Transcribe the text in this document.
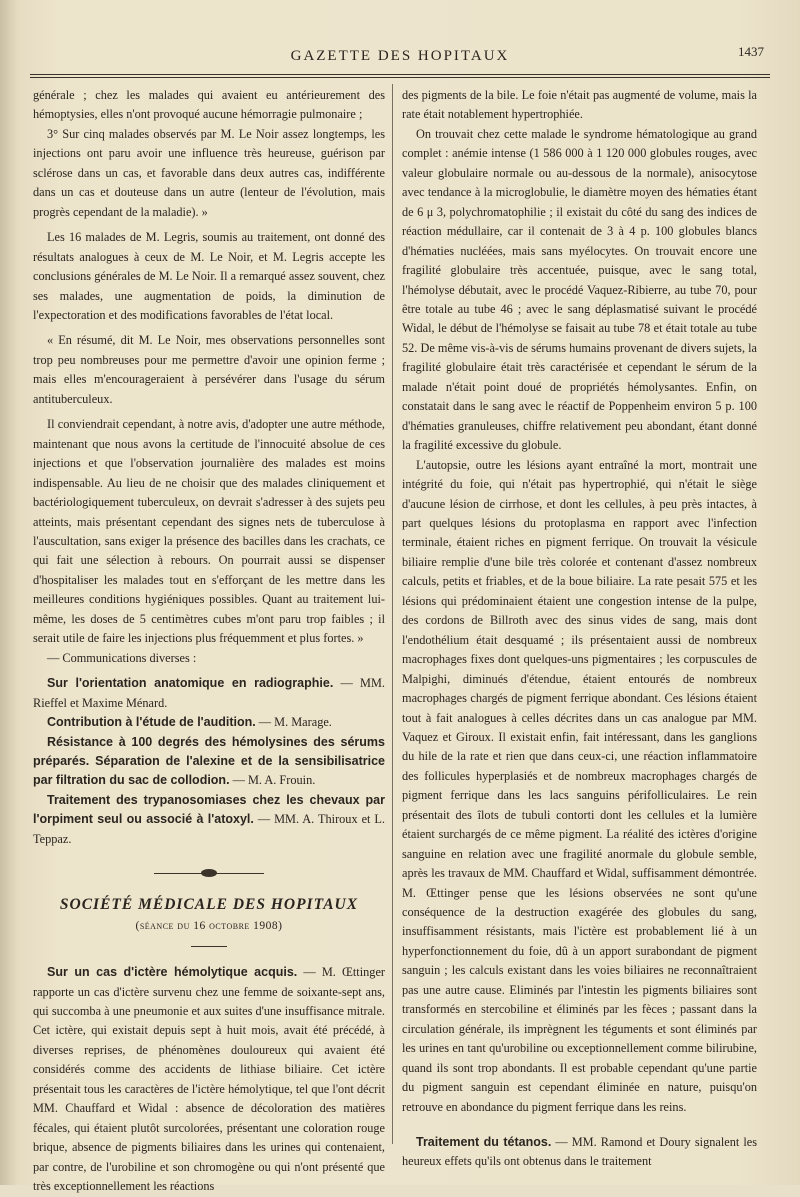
GAZETTE DES HOPITAUX	1437

générale ; chez les malades qui avaient eu antérieurement des hémoptysies, elles n'ont provoqué aucune hémorragie pulmonaire ;

3° Sur cinq malades observés par M. Le Noir assez longtemps, les injections ont paru avoir une influence très heureuse, guérison par sclérose dans un cas, et favorable dans deux autres cas, indifférente dans un cas et douteuse dans un autre (lenteur de l'évolution, mais progrès cependant de la maladie). »

Les 16 malades de M. Legris, soumis au traitement, ont donné des résultats analogues à ceux de M. Le Noir, et M. Legris accepte les conclusions générales de M. Le Noir. Il a remarqué assez souvent, chez ses malades, une augmentation de poids, la diminution de l'expectoration et des modifications favorables de l'état local.

« En résumé, dit M. Le Noir, mes observations personnelles sont trop peu nombreuses pour me permettre d'avoir une opinion ferme ; mais elles m'encourageraient à persévérer dans l'usage du sérum antituberculeux.

Il conviendrait cependant, à notre avis, d'adopter une autre méthode, maintenant que nous avons la certitude de l'innocuité absolue de ces injections et que l'observation journalière des malades est moins indispensable. Au lieu de ne choisir que des malades cliniquement et bactériologiquement tuberculeux, on devrait s'adresser à des sujets peu atteints, mais présentant cependant des signes nets de tuberculose à l'auscultation, sans exiger la présence des bacilles dans les crachats, ce qui fait une sélection à rebours. On pourrait aussi se dispenser d'hospitaliser les malades tout en s'efforçant de les mettre dans les meilleures conditions hygiéniques possibles. Quant au traitement lui-même, les doses de 5 centimètres cubes m'ont paru trop faibles ; il serait utile de faire les injections plus fréquemment et plus fortes. »

— Communications diverses :

Sur l'orientation anatomique en radiographie. — MM. Rieffel et Maxime Ménard.

Contribution à l'étude de l'audition. — M. Marage.

Résistance à 100 degrés des hémolysines des sérums préparés. Séparation de l'alexine et de la sensibilisatrice par filtration du sac de collodion. — M. A. Frouin.

Traitement des trypanosomiases chez les chevaux par l'orpiment seul ou associé à l'atoxyl. — MM. A. Thiroux et L. Teppaz.

SOCIÉTÉ MÉDICALE DES HOPITAUX
(séance du 16 octobre 1908)

Sur un cas d'ictère hémolytique acquis. — M. Œttinger rapporte un cas d'ictère survenu chez une femme de soixante-sept ans, qui succomba à une pneumonie et aux suites d'une insuffisance mitrale. Cet ictère, qui existait depuis sept à huit mois, avait été précédé, à diverses reprises, de phénomènes douloureux qui avaient été considérés comme des accidents de lithiase biliaire. Cet ictère présentait tous les caractères de l'ictère hémolytique, tel que l'ont décrit MM. Chauffard et Widal : absence de décoloration des matières fécales, qui étaient plutôt surcolorées, présentant une coloration rouge brique, absence de pigments biliaires dans les urines qui contenaient, par contre, de l'urobiline et son chromogène ou qui n'ont présenté que très exceptionnellement les réactions

des pigments de la bile. Le foie n'était pas augmenté de volume, mais la rate était notablement hypertrophiée.

On trouvait chez cette malade le syndrome hématologique au grand complet : anémie intense (1 586 000 à 1 120 000 globules rouges, avec valeur globulaire normale ou au-dessous de la normale), anisocytose avec tendance à la microglobulie, le diamètre moyen des hématies étant de 6 μ 3, polychromatophilie ; il existait du côté du sang des indices de réaction médullaire, car il contenait de 3 à 4 p. 100 globules blancs d'hématies nucléées, mais sans myélocytes. On trouvait encore une fragilité globulaire très accentuée, puisque, avec le sang total, l'hémolyse débutait, avec le procédé Vaquez-Ribierre, au tube 70, pour être totale au tube 46 ; avec le sang déplasmatisé suivant le procédé Widal, le début de l'hémolyse se faisait au tube 78 et était totale au tube 52. De même vis-à-vis de sérums humains provenant de divers sujets, la fragilité globulaire était très caractérisée et cependant le sérum de la malade n'était point doué de propriétés hémolysantes. Enfin, on constatait dans le sang avec le réactif de Poppenheim environ 5 p. 100 d'hématies granuleuses, chiffre relativement peu abondant, étant donné la fragilité excessive du globule.

L'autopsie, outre les lésions ayant entraîné la mort, montrait une intégrité du foie, qui n'était pas hypertrophié, qui n'était le siège d'aucune lésion de cirrhose, et dont les cellules, à peu près intactes, à part quelques lésions du protoplasma en rapport avec l'infection terminale, étaient riches en pigment ferrique. On trouvait la vésicule biliaire remplie d'une bile très colorée et contenant d'assez nombreux calculs, petits et friables, et de la boue biliaire. La rate pesait 575 et les lésions qui prédominaient étaient une congestion intense de la pulpe, des cordons de Billroth avec des sinus vides de sang, mais dont l'endothélium était desquamé ; ils présentaient aussi de nombreux macrophages fixes dont quelques-uns pigmentaires ; les corpuscules de Malpighi, diminués d'étendue, étaient entourés de nombreux macrophages chargés de pigment ferrique abondant. Ces lésions étaient tout à fait analogues à celles décrites dans un cas analogue par MM. Vaquez et Giroux. Il existait enfin, fait intéressant, dans les ganglions du hile de la rate et rien que dans ceux-ci, une réaction inflammatoire des follicules hyperplasiés et de nombreux macrophages chargés de pigment ferrique dans les lacs sanguins périfolliculaires. Le rein présentait des îlots de tubuli contorti dont les cellules et la lumière étaient surchargés de ce même pigment. La réalité des ictères d'origine sanguine en relation avec une fragilité anormale du globule semble, après les travaux de MM. Chauffard et Widal, suffisamment démontrée. M. Œttinger pense que les lésions observées ne sont qu'une conséquence de la destruction exagérée des globules du sang, insuffisamment résistants, mais l'ictère est probablement lié à un hyperfonctionnement du foie, dû à un apport surabondant de pigment sanguin ; les calculs existant dans les voies biliaires ne reconnaîtraient pas une autre cause. Eliminés par l'intestin les pigments biliaires sont transformés en stercobiline et éliminés par les fèces ; passant dans la circulation générale, ils imprègnent les téguments et sont éliminés par les urines en tant qu'urobiline ou exceptionnellement comme bilirubine, quand ils sont trop abondants. Il est probable cependant qu'une partie du pigment sanguin est cependant éliminée en nature, puisqu'on retrouve en abondance du pigment ferrique dans les reins.

Traitement du tétanos. — MM. Ramond et Doury signalent les heureux effets qu'ils ont obtenus dans le traitement
